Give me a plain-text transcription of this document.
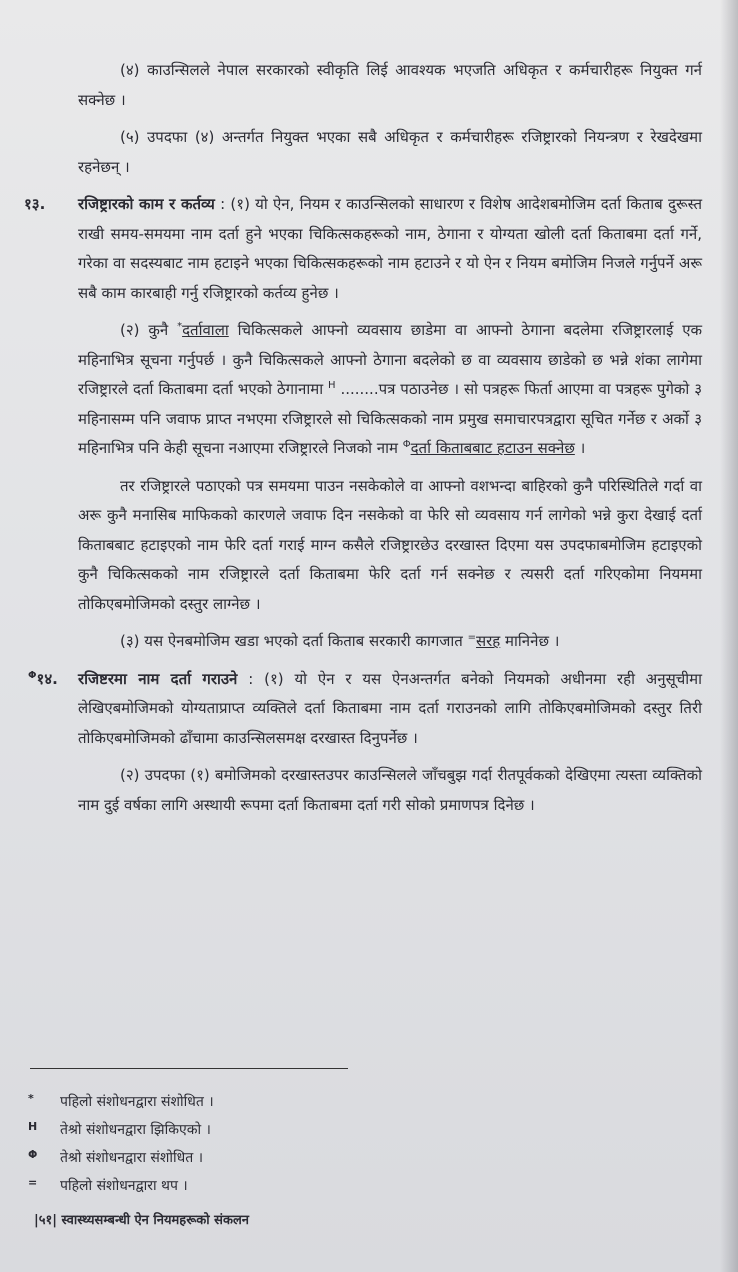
(४) काउन्सिलले नेपाल सरकारको स्वीकृति लिई आवश्यक भएजति अधिकृत र कर्मचारीहरू नियुक्त गर्न सक्नेछ ।

(५) उपदफा (४) अन्तर्गत नियुक्त भएका सबै अधिकृत र कर्मचारीहरू रजिष्ट्रारको नियन्त्रण र रेखदेखमा रहनेछन् ।

१३. रजिष्ट्रारको काम र कर्तव्य : (१) यो ऐन, नियम र काउन्सिलको साधारण र विशेष आदेशबमोजिम दर्ता किताब दुरूस्त राखी समय-समयमा नाम दर्ता हुने भएका चिकित्सकहरूको नाम, ठेगाना र योग्यता खोली दर्ता किताबमा दर्ता गर्ने, गरेका वा सदस्यबाट नाम हटाइने भएका चिकित्सकहरूको नाम हटाउने र यो ऐन र नियम बमोजिम निजले गर्नुपर्ने अरू सबै काम कारबाही गर्नु रजिष्ट्रारको कर्तव्य हुनेछ ।

(२) कुनै *दर्तावाला चिकित्सकले आफ्नो व्यवसाय छाडेमा वा आफ्नो ठेगाना बदलेमा रजिष्ट्रारलाई एक महिनाभित्र सूचना गर्नुपर्छ । कुनै चिकित्सकले आफ्नो ठेगाना बदलेको छ वा व्यवसाय छाडेको छ भन्ने शंका लागेमा रजिष्ट्रारले दर्ता किताबमा दर्ता भएको ठेगानामा $^H$ ........पत्र पठाउनेछ । सो पत्रहरू फिर्ता आएमा वा पत्रहरू पुगेको ३ महिनासम्म पनि जवाफ प्राप्त नभएमा रजिष्ट्रारले सो चिकित्सकको नाम प्रमुख समाचारपत्रद्वारा सूचित गर्नेछ र अर्को ३ महिनाभित्र पनि केही सूचना नआएमा रजिष्ट्रारले निजको नाम $^\Phi$दर्ता किताबबाट हटाउन सक्नेछ ।

तर रजिष्ट्रारले पठाएको पत्र समयमा पाउन नसकेकोले वा आफ्नो वशभन्दा बाहिरको कुनै परिस्थितिले गर्दा वा अरू कुनै मनासिब माफिकको कारणले जवाफ दिन नसकेको वा फेरि सो व्यवसाय गर्न लागेको भन्ने कुरा देखाई दर्ता किताबबाट हटाइएको नाम फेरि दर्ता गराई माग्न कसैले रजिष्ट्रारछेउ दरखास्त दिएमा यस उपदफाबमोजिम हटाइएको कुनै चिकित्सकको नाम रजिष्ट्रारले दर्ता किताबमा फेरि दर्ता गर्न सक्नेछ र त्यसरी दर्ता गरिएकोमा नियममा तोकिएबमोजिमको दस्तुर लाग्नेछ ।

(३) यस ऐनबमोजिम खडा भएको दर्ता किताब सरकारी कागजात =सरह मानिनेछ ।

$^\Phi$१४. रजिष्टरमा नाम दर्ता गराउने : (१) यो ऐन र यस ऐनअन्तर्गत बनेको नियमको अधीनमा रही अनुसूचीमा लेखिएबमोजिमको योग्यताप्राप्त व्यक्तिले दर्ता किताबमा नाम दर्ता गराउनको लागि तोकिएबमोजिमको दस्तुर तिरी तोकिएबमोजिमको ढाँचामा काउन्सिलसमक्ष दरखास्त दिनुपर्नेछ ।

(२) उपदफा (१) बमोजिमको दरखास्तउपर काउन्सिलले जाँचबुझ गर्दा रीतपूर्वकको देखिएमा त्यस्ता व्यक्तिको नाम दुई वर्षका लागि अस्थायी रूपमा दर्ता किताबमा दर्ता गरी सोको प्रमाणपत्र दिनेछ ।

*	पहिलो संशोधनद्वारा संशोधित ।
H	तेश्रो संशोधनद्वारा झिकिएको ।
Φ	तेश्रो संशोधनद्वारा संशोधित ।
=	पहिलो संशोधनद्वारा थप ।
|५१| स्वास्थ्यसम्बन्धी ऐन नियमहरूको संकलन
